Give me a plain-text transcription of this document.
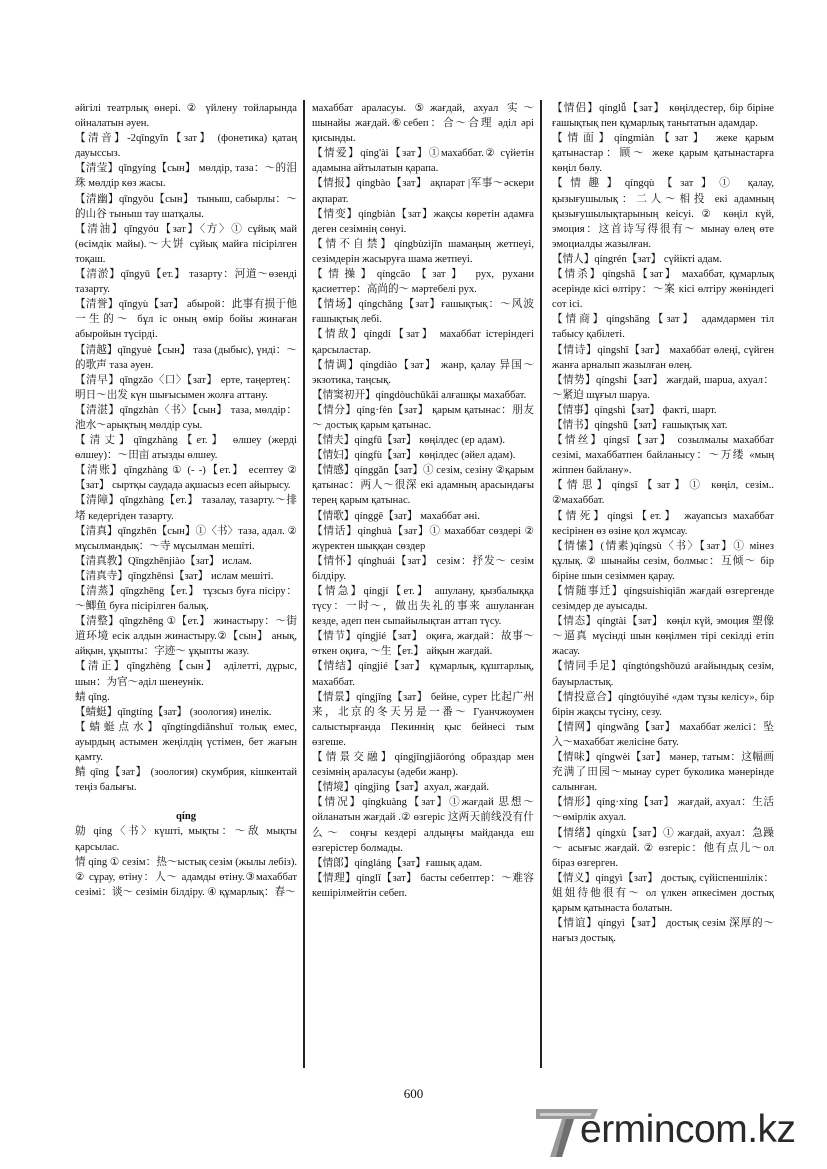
әйгілі театрлық өнері. ② үйлену тойларында ойналатын әуен.

【清音】-2qīngyīn【зат】 (фонетика) қатаң дауыссыз.

【清莹】qīngyíng【сын】 мөлдір, таза：～的泪珠 мөлдір көз жасы.

【清幽】qīngyōu【сын】 тыныш, сабырлы：～的山谷 тыныш тау шатқалы.

【清油】qīngyóu【зат】〈方〉① сұйық май (өсімдік майы).～大饼 сұйық майға пісірілген тоқаш.

【清淤】qīngyū【ет.】 тазарту：河道～өзенді тазарту.

【清誉】qīngyù【зат】 абырой：此事有损于他一生的～ бұл іс оның өмір бойы жинаған абыройын түсірді.

【清越】qīngyuè【сын】 таза (дыбыс), үнді：～的歌声 таза әуен.

【清早】qīngzǎo〈口〉【зат】 ерте, таңертең：明日～出发 күн шығысымен жолға аттану.

【清湛】qīngzhàn〈书〉【сын】 таза, мөлдір：池水～арықтың мөлдір суы.

【清丈】qīngzhàng【ет.】 өлшеу (жерді өлшеу)：～田亩 атызды өлшеу.

【清账】qīngzhàng ① (- -)【ет.】 есептеу ② 【зат】 сыртқы саудада ақшасыз есеп айырысу.

【清障】qīngzhàng【ет.】 тазалау, тазарту.～排堵 кедергіден тазарту.

【清真】qīngzhēn【сын】①〈书〉таза, адал. ② мұсылмандық：～寺 мұсылман мешіті.

【清真教】Qīngzhēnjiào【зат】 ислам.

【清真寺】qīngzhēnsì【зат】 ислам мешіті.

【清蒸】qīngzhēng【ет.】 тұзсыз буға пісіру：～鲫鱼 буға пісірілген балық.

【清整】qīngzhěng ①【ет.】 жинастыру：～街道环境 есік алдын жинастыру.②【сын】 анық, айқын, ұқыпты：字迹～ ұқыпты жазу.

【清正】qīngzhèng【сын】 әділетті, дұрыс, шын：为官～әділ шенеунік.

蜻 qīng.

【蜻蜓】qīngtíng【зат】 (зоология) инелік.

【蜻蜓点水】qīngtíngdiǎnshuǐ толық емес, ауырдың астымен жеңілдің үстімен, бет жағын қамту.

鲭 qīng【зат】 (зоология) скумбрия, кішкентай теңіз балығы.

qíng

勍 qíng〈书〉күшті, мықты：～敌 мықты қарсылас.

情 qíng ① сезім：热～ыстық сезім (жылы лебіз). ② сұрау, өтіну：人～ адамды өтіну.③махаббат сезімі：谈～ сезімін білдіру. ④ құмарлық：春～

махаббат араласуы. ⑤жағдай, ахуал 实～шынайы жағдай.⑥себеп：合～合理 әділ әрі қисынды.

【情爱】qíng'ài【зат】①махаббат.② сүйетін адамына айтылатын қарапа.

【情报】qíngbào【зат】 ақпарат |军事～әскери ақпарат.

【情变】qíngbiàn【зат】жақсы көретін адамға деген сезімнің сөнуі.

【情不自禁】qíngbùzìjīn шамаңың жетпеуі, сезімдерін жасыруға шама жетпеуі.

【情操】qíngcāo【зат】 рух, рухани қасиеттер：高尚的～ мәртебелі рух.

【情场】qíngchǎng【зат】ғашықтық：～风波 ғашықтық лебі.

【情敌】qíngdí【зат】 махаббат істеріндегі қарсыластар.

【情调】qíngdiào【зат】 жанр, қалау 异国～ экзотика, таңсық.

【情窦初开】qíngdòuchūkāi алғашқы махаббат.

【情分】qíng·fèn【зат】 қарым қатынас：朋友～ достық қарым қатынас.

【情夫】qíngfū【зат】 көңілдес (ер адам).

【情妇】qíngfù【зат】 көңілдес (әйел адам).

【情感】qínggǎn【зат】① сезім, сезіну ②қарым қатынас：两人～很深 екі адамның арасындағы терең қарым қатынас.

【情歌】qínggē【зат】 махаббат әні.

【情话】qínghuà【зат】① махаббат сөздері ② жүректен шыққан сөздер

【情怀】qínghuái【зат】 сезім：抒发～ сезім білдіру.

【情急】qíngjí【ет.】 ашулану, қызбалыққа түсу：一时～，做出失礼的事来 ашуланған кезде, әдеп пен сыпайылықтан аттап түсу.

【情节】qíngjié【зат】 оқиға, жағдай：故事～ өткен оқиға, ～生【ет.】 айқын жағдай.

【情结】qíngjié【зат】 құмарлық, құштарлық, махаббат.

【情景】qíngjǐng【зат】 бейне, сурет 比起广州来，北京的冬天另是一番～ Гуанчжоумен салыстырғанда Пекиннің қыс бейнесі тым өзгеше.

【情景交融】qíngjǐngjiāoróng образдар мен сезімнің араласуы (әдеби жанр).

【情境】qíngjìng【зат】ахуал, жағдай.

【情况】qíngkuàng【зат】①жағдай 思想～ойланатын жағдай .② өзгеріс 这两天前线没有什么～ соңғы кездері алдыңғы майданда еш өзгерістер болмады.

【情郎】qíngláng【зат】ғашық адам.

【情理】qínglǐ【зат】 басты себептер：～难容 кешірілмейтін себеп.

【情侣】qínglǚ【зат】 көңілдестер, бір біріне ғашықтық пен құмарлық танытатын адамдар.

【情面】qíngmiàn【зат】 жеке қарым қатынастар：顾～ жеке қарым қатынастарға көңіл бөлу.

【情趣】qíngqù【зат】① қалау, қызығушылық：二人～相投 екі адамның қызығушылықтарының кеісуі. ② көңіл күй, эмоция：这首诗写得很有～ мынау өлең өте эмоциалды жазылған.

【情人】qíngrén【зат】 сүйікті адам.

【情杀】qíngshā【зат】 махаббат, құмарлық әсерінде кісі өлтіру：～案 кісі өлтіру жөніндегі сот ісі.

【情商】qíngshāng【зат】 адамдармен тіл табысу қабілеті.

【情诗】qíngshī【зат】 махаббат өлеңі, сүйген жанға арналып жазылған өлең.

【情势】qíngshì【зат】 жағдай, шарua, ахуал：～紧迫 шұғыл шаруа.

【情事】qíngshì【зат】 факті, шарт.

【情书】qíngshū【зат】ғашықтық хат.

【情丝】qíngsī【зат】 созылмалы махаббат сезімі, махаббатпен байланысу：～万缕 «мың жіппен байлану».

【情思】qíngsī【зат】① көңіл, сезім.. ②махаббат.

【情死】qíngsì【ет.】 жауапсыз махаббат кесірінен өз өзіне қол жұмсау.

【情愫】(情素)qíngsù〈书〉【зат】① мінез құлық. ② шынайы сезім, болмыс：互倾～ бір біріне шын сезіммен қарау.

【情随事迁】qíngsuíshìqiān жағдай өзгергенде сезімдер де ауысады.

【情态】qíngtài【зат】 көңіл күй, эмоция 塑像～逼真 мүсінді шын көңілмен тірі секілді етіп жасау.

【情同手足】qíngtóngshǒuzú ағайындық сезім, бауырластық.

【情投意合】qíngtóuyìhé «дәм тұзы келісу», бір бірін жақсы түсіну, сезу.

【情网】qíngwǎng【зат】 махаббат желісі：坠入～махаббат желісіне бату.

【情味】qíngwèi【зат】 мәнер, татым：这幅画充满了田园～мынау сурет буколика мәнерінде салынған.

【情形】qíng·xíng【зат】 жағдай, ахуал：生活～өмірлік ахуал.

【情绪】qíngxù【зат】① жағдай, ахуал：急躁～ асығыс жағдай. ② өзгеріс：他有点儿～ол біраз өзгерген.

【情义】qíngyì【зат】 достық, сүйіспеншілік：姐姐待他很有～ ол үлкен әпкесімен достық қарым қатынаста болатын.

【情谊】qíngyì【зат】 достық сезім 深厚的～ нағыз достық.

600
ermincom.kz
